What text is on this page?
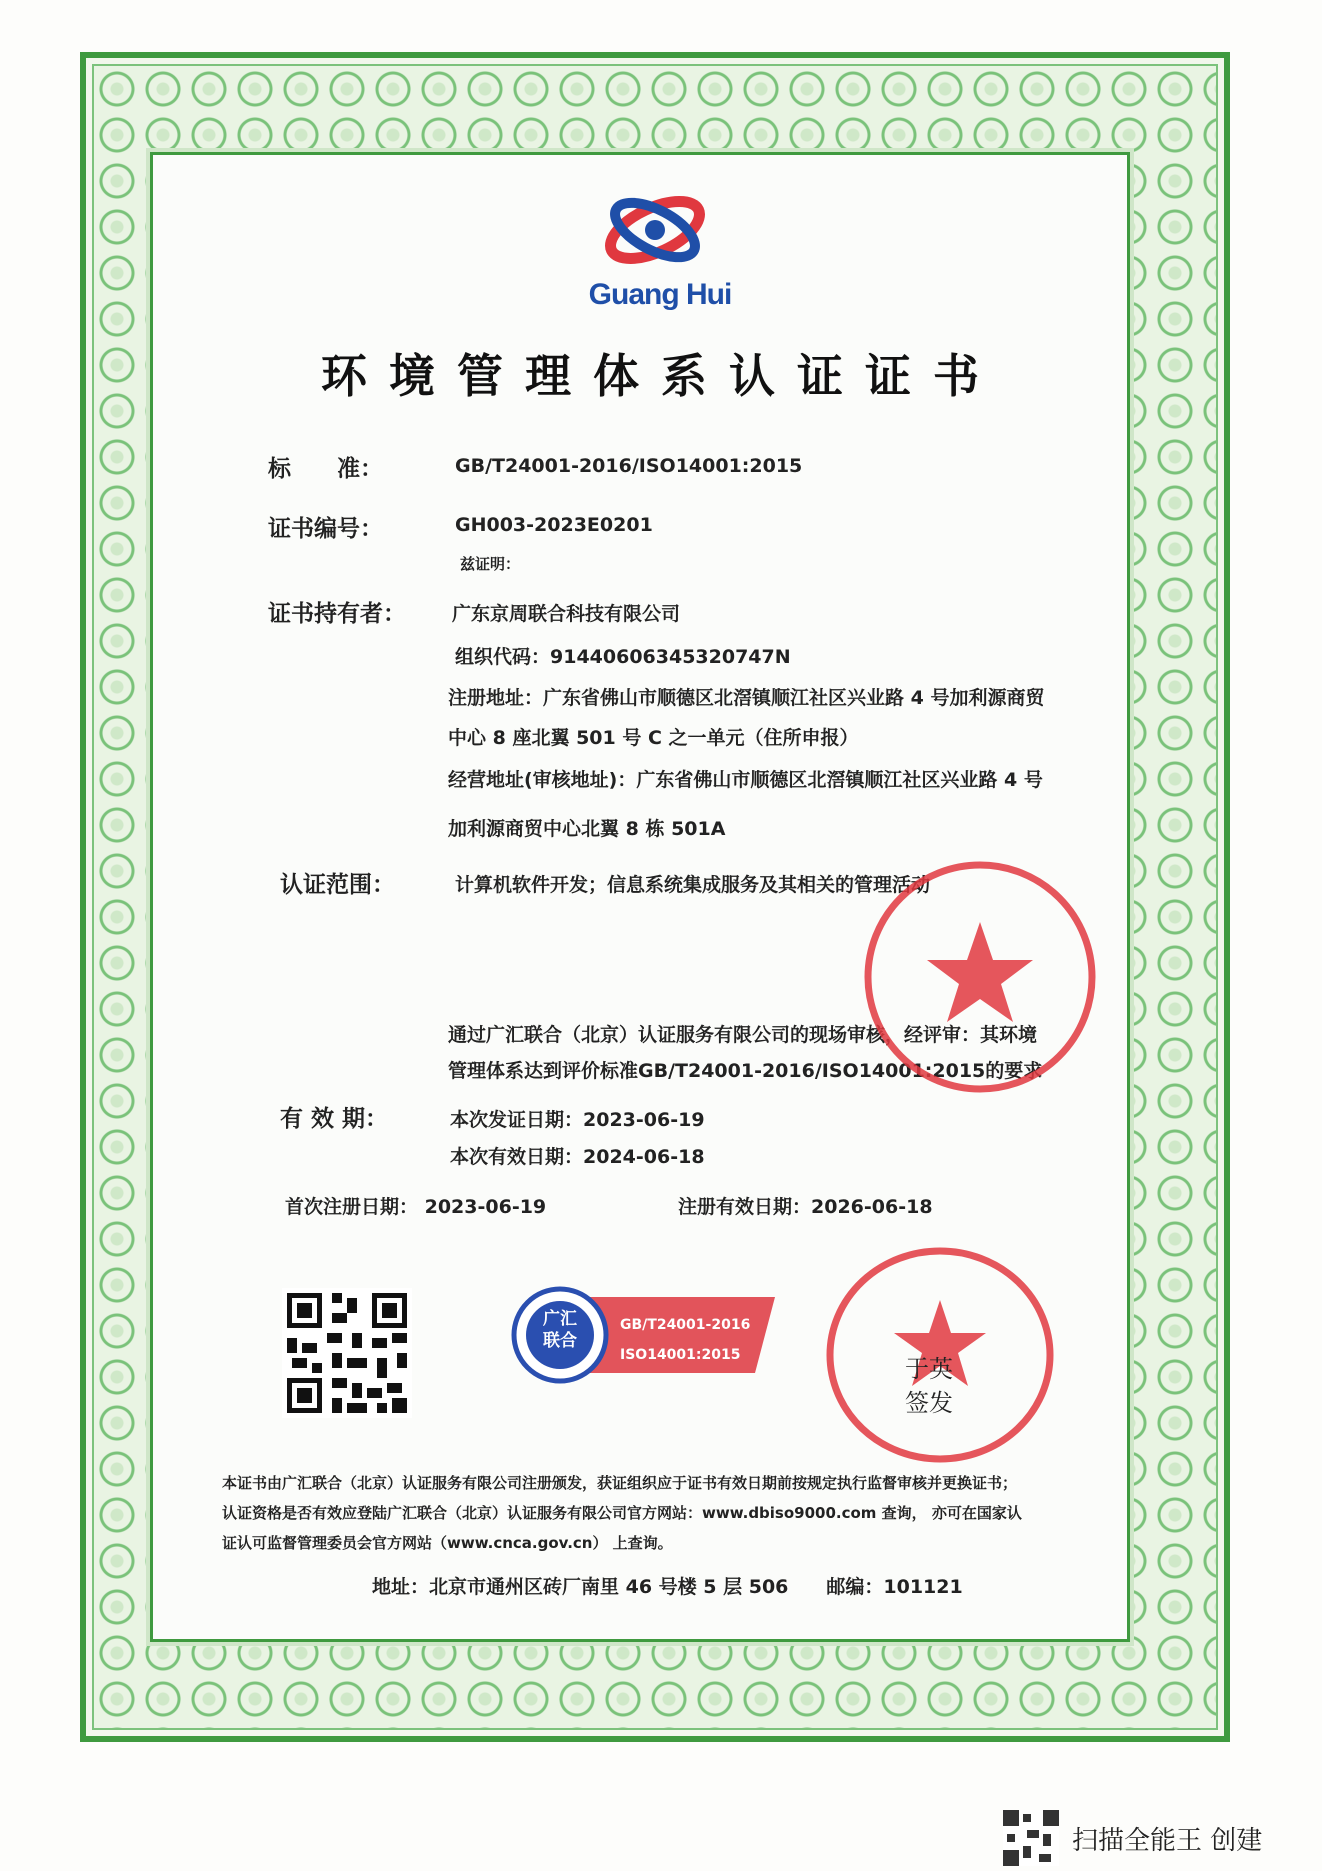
Guang Hui
环境管理体系认证证书
标　　准：	GB/T24001-2016/ISO14001:2015
证书编号：	GH003-2023E0201
兹证明：
证书持有者： 广东京周联合科技有限公司
组织代码：91440606345320747N
注册地址：广东省佛山市顺德区北滘镇顺江社区兴业路 4 号加利源商贸
中心 8 座北翼 501 号 C 之一单元（住所申报）
经营地址(审核地址)：广东省佛山市顺德区北滘镇顺江社区兴业路 4 号
加利源商贸中心北翼 8 栋 501A
认证范围：	计算机软件开发；信息系统集成服务及其相关的管理活动
通过广汇联合（北京）认证服务有限公司的现场审核，经评审：其环境
管理体系达到评价标准GB/T24001-2016/ISO14001:2015的要求
有 效 期：	本次发证日期：2023-06-19
本次有效日期：2024-06-18
首次注册日期： 2023-06-19	注册有效日期：2026-06-18
广汇
联合
GB/T24001-2016
ISO14001:2015	于英
签发
本证书由广汇联合（北京）认证服务有限公司注册颁发，获证组织应于证书有效日期前按规定执行监督审核并更换证书；
认证资格是否有效应登陆广汇联合（北京）认证服务有限公司官方网站：www.dbiso9000.com 查询， 亦可在国家认
证认可监督管理委员会官方网站（www.cnca.gov.cn） 上查询。
地址：北京市通州区砖厂南里 46 号楼 5 层 506　　邮编：101121
扫描全能王 创建
